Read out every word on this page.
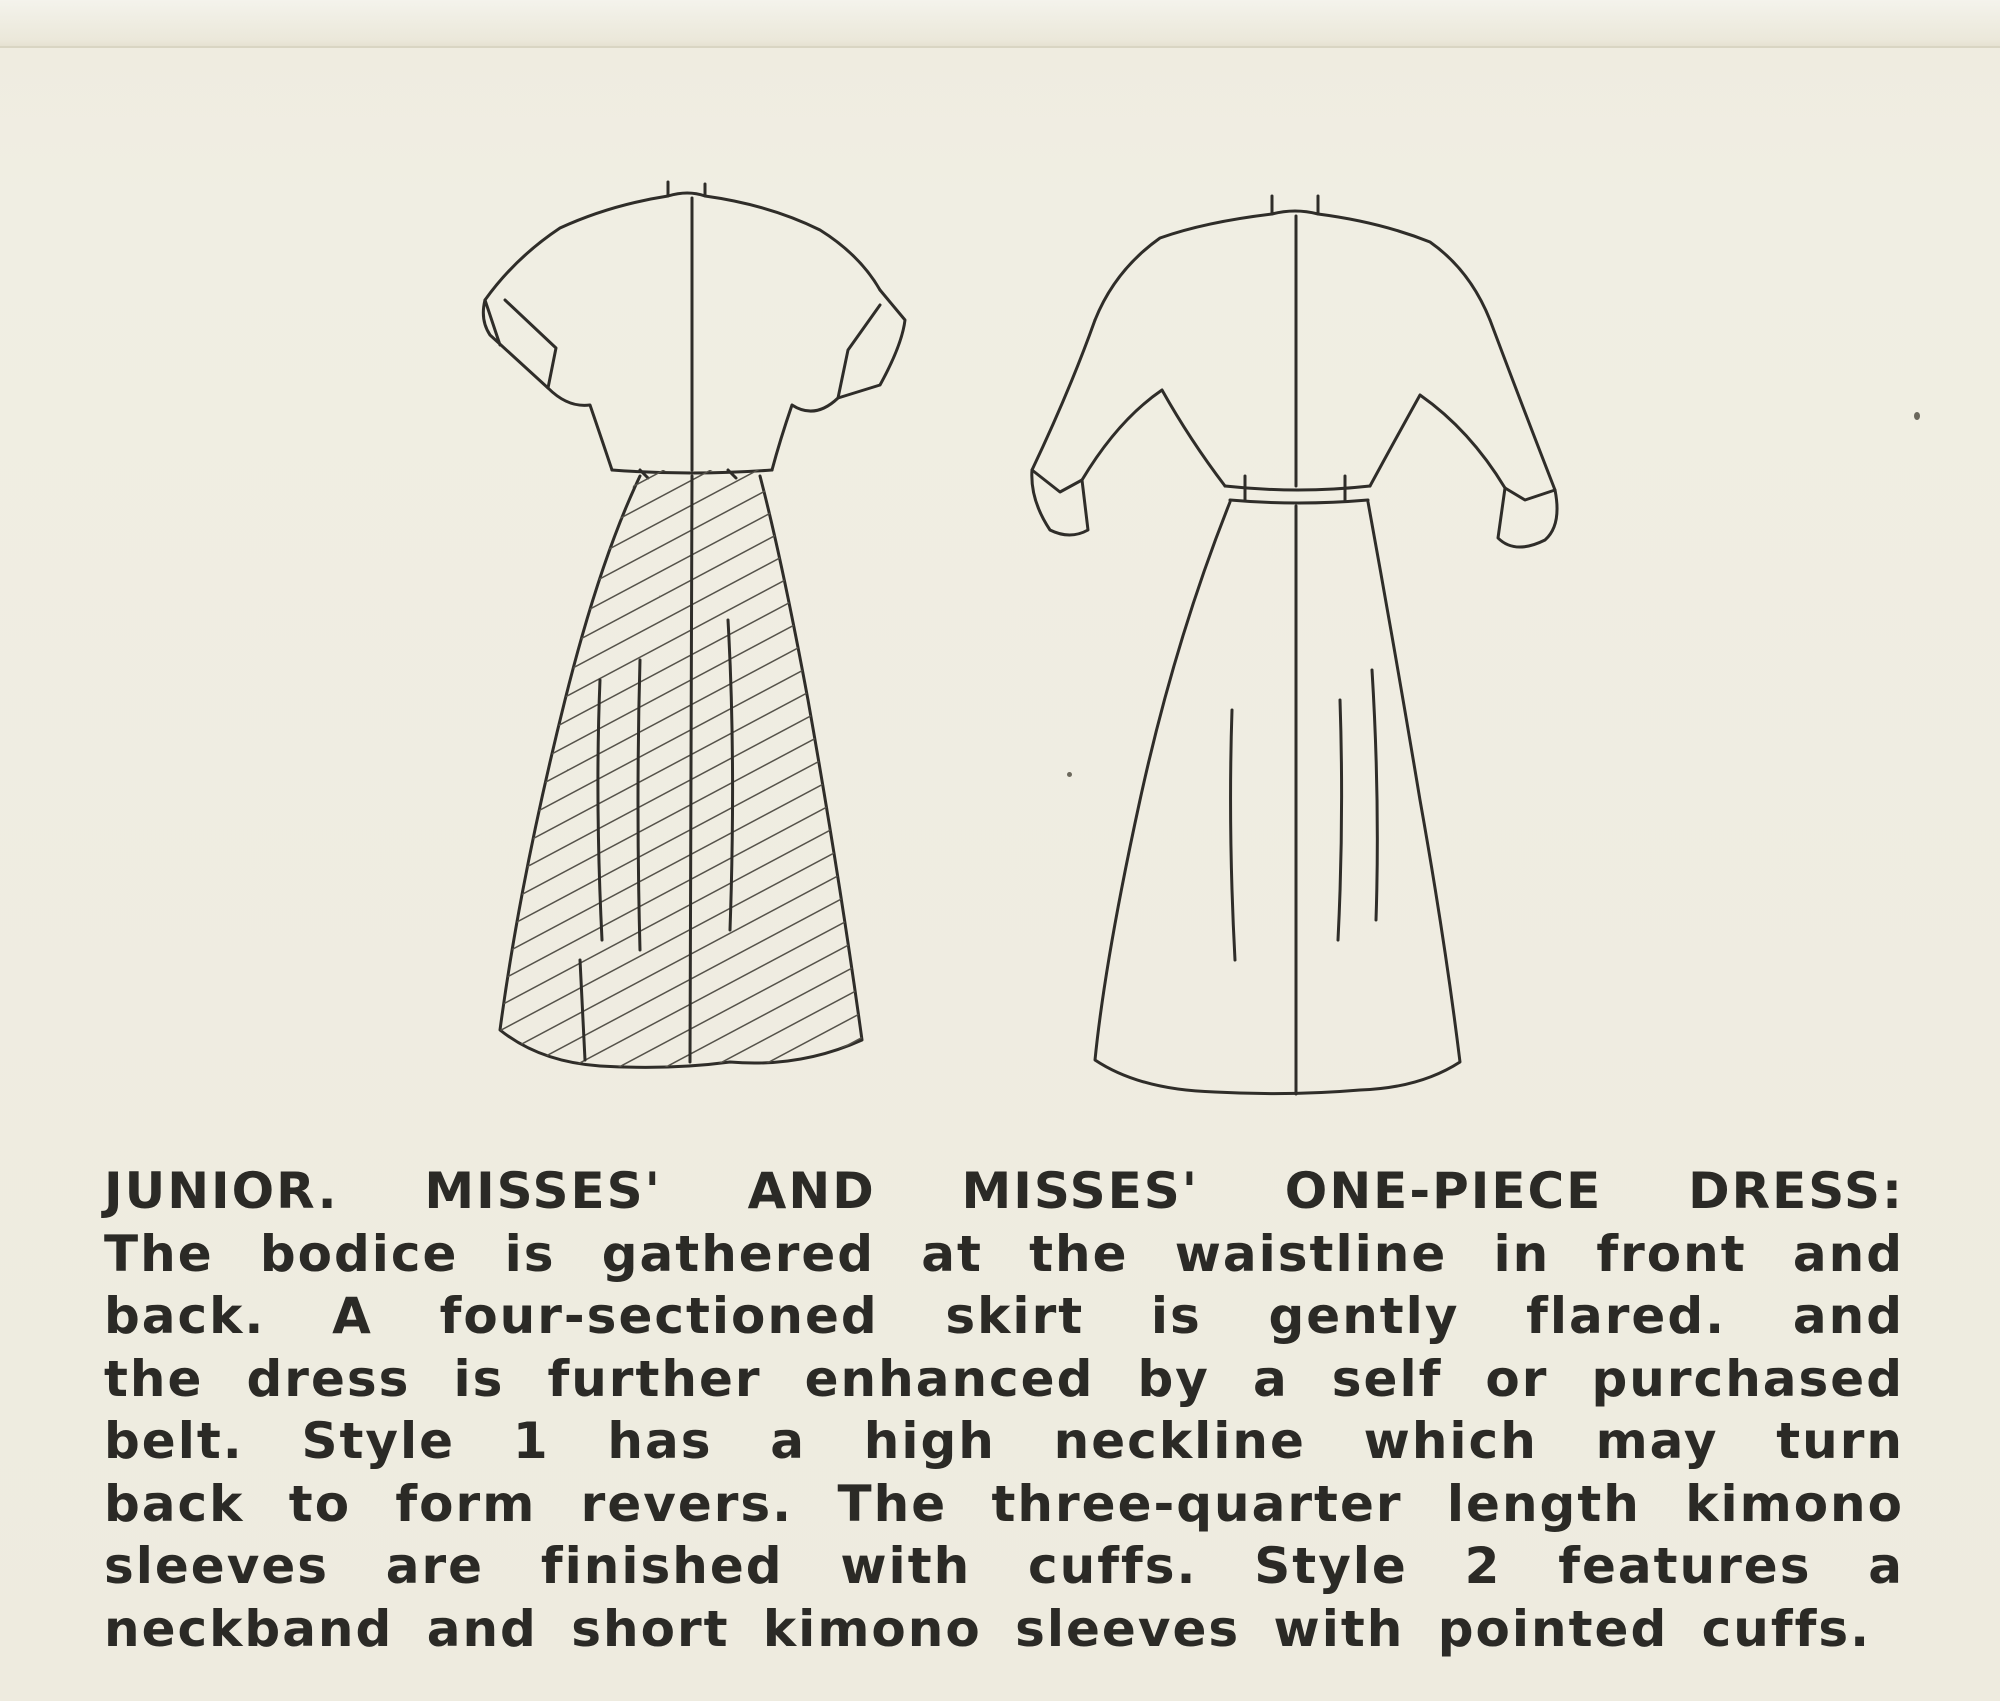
JUNIOR. MISSES' AND MISSES' ONE-PIECE DRESS:
The bodice is gathered at the waistline in front and
back. A four-sectioned skirt is gently flared. and
the dress is further enhanced by a self or purchased
belt. Style 1 has a high neckline which may turn
back to form revers. The three-quarter length kimono
sleeves are finished with cuffs. Style 2 features a
neckband and short kimono sleeves with pointed cuffs.
